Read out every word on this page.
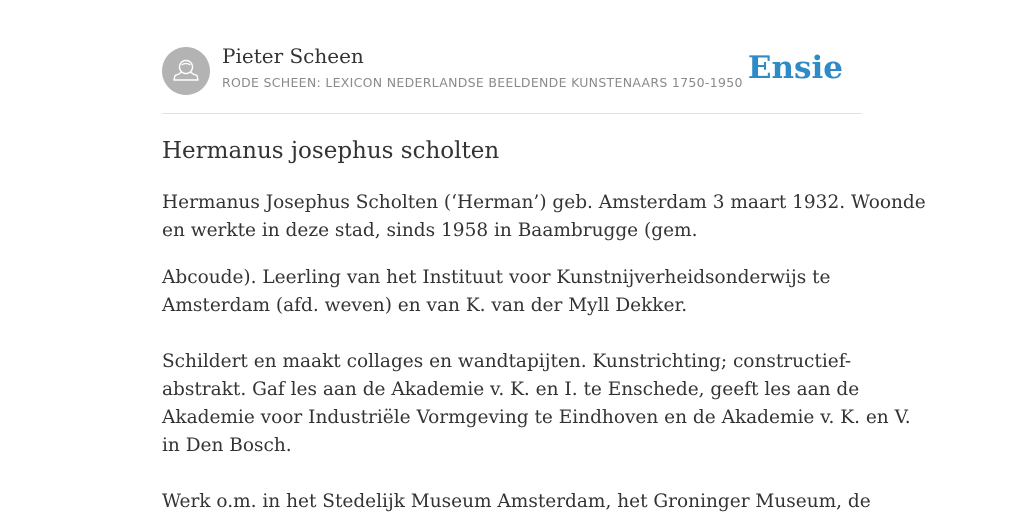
Pieter Scheen
RODE SCHEEN: LEXICON NEDERLANDSE BEELDENDE KUNSTENAARS 1750-1950 Ensie
Hermanus josephus scholten

Hermanus Josephus Scholten (‘Herman’) geb. Amsterdam 3 maart 1932. Woonde
en werkte in deze stad, sinds 1958 in Baambrugge (gem.

Abcoude). Leerling van het Instituut voor Kunstnijverheidsonderwijs te
Amsterdam (afd. weven) en van K. van der Myll Dekker.

Schildert en maakt collages en wandtapijten. Kunstrichting; constructief-
abstrakt. Gaf les aan de Akademie v. K. en I. te Enschede, geeft les aan de
Akademie voor Industriële Vormgeving te Eindhoven en de Akademie v. K. en V.
in Den Bosch.

Werk o.m. in het Stedelijk Museum Amsterdam, het Groninger Museum, de
